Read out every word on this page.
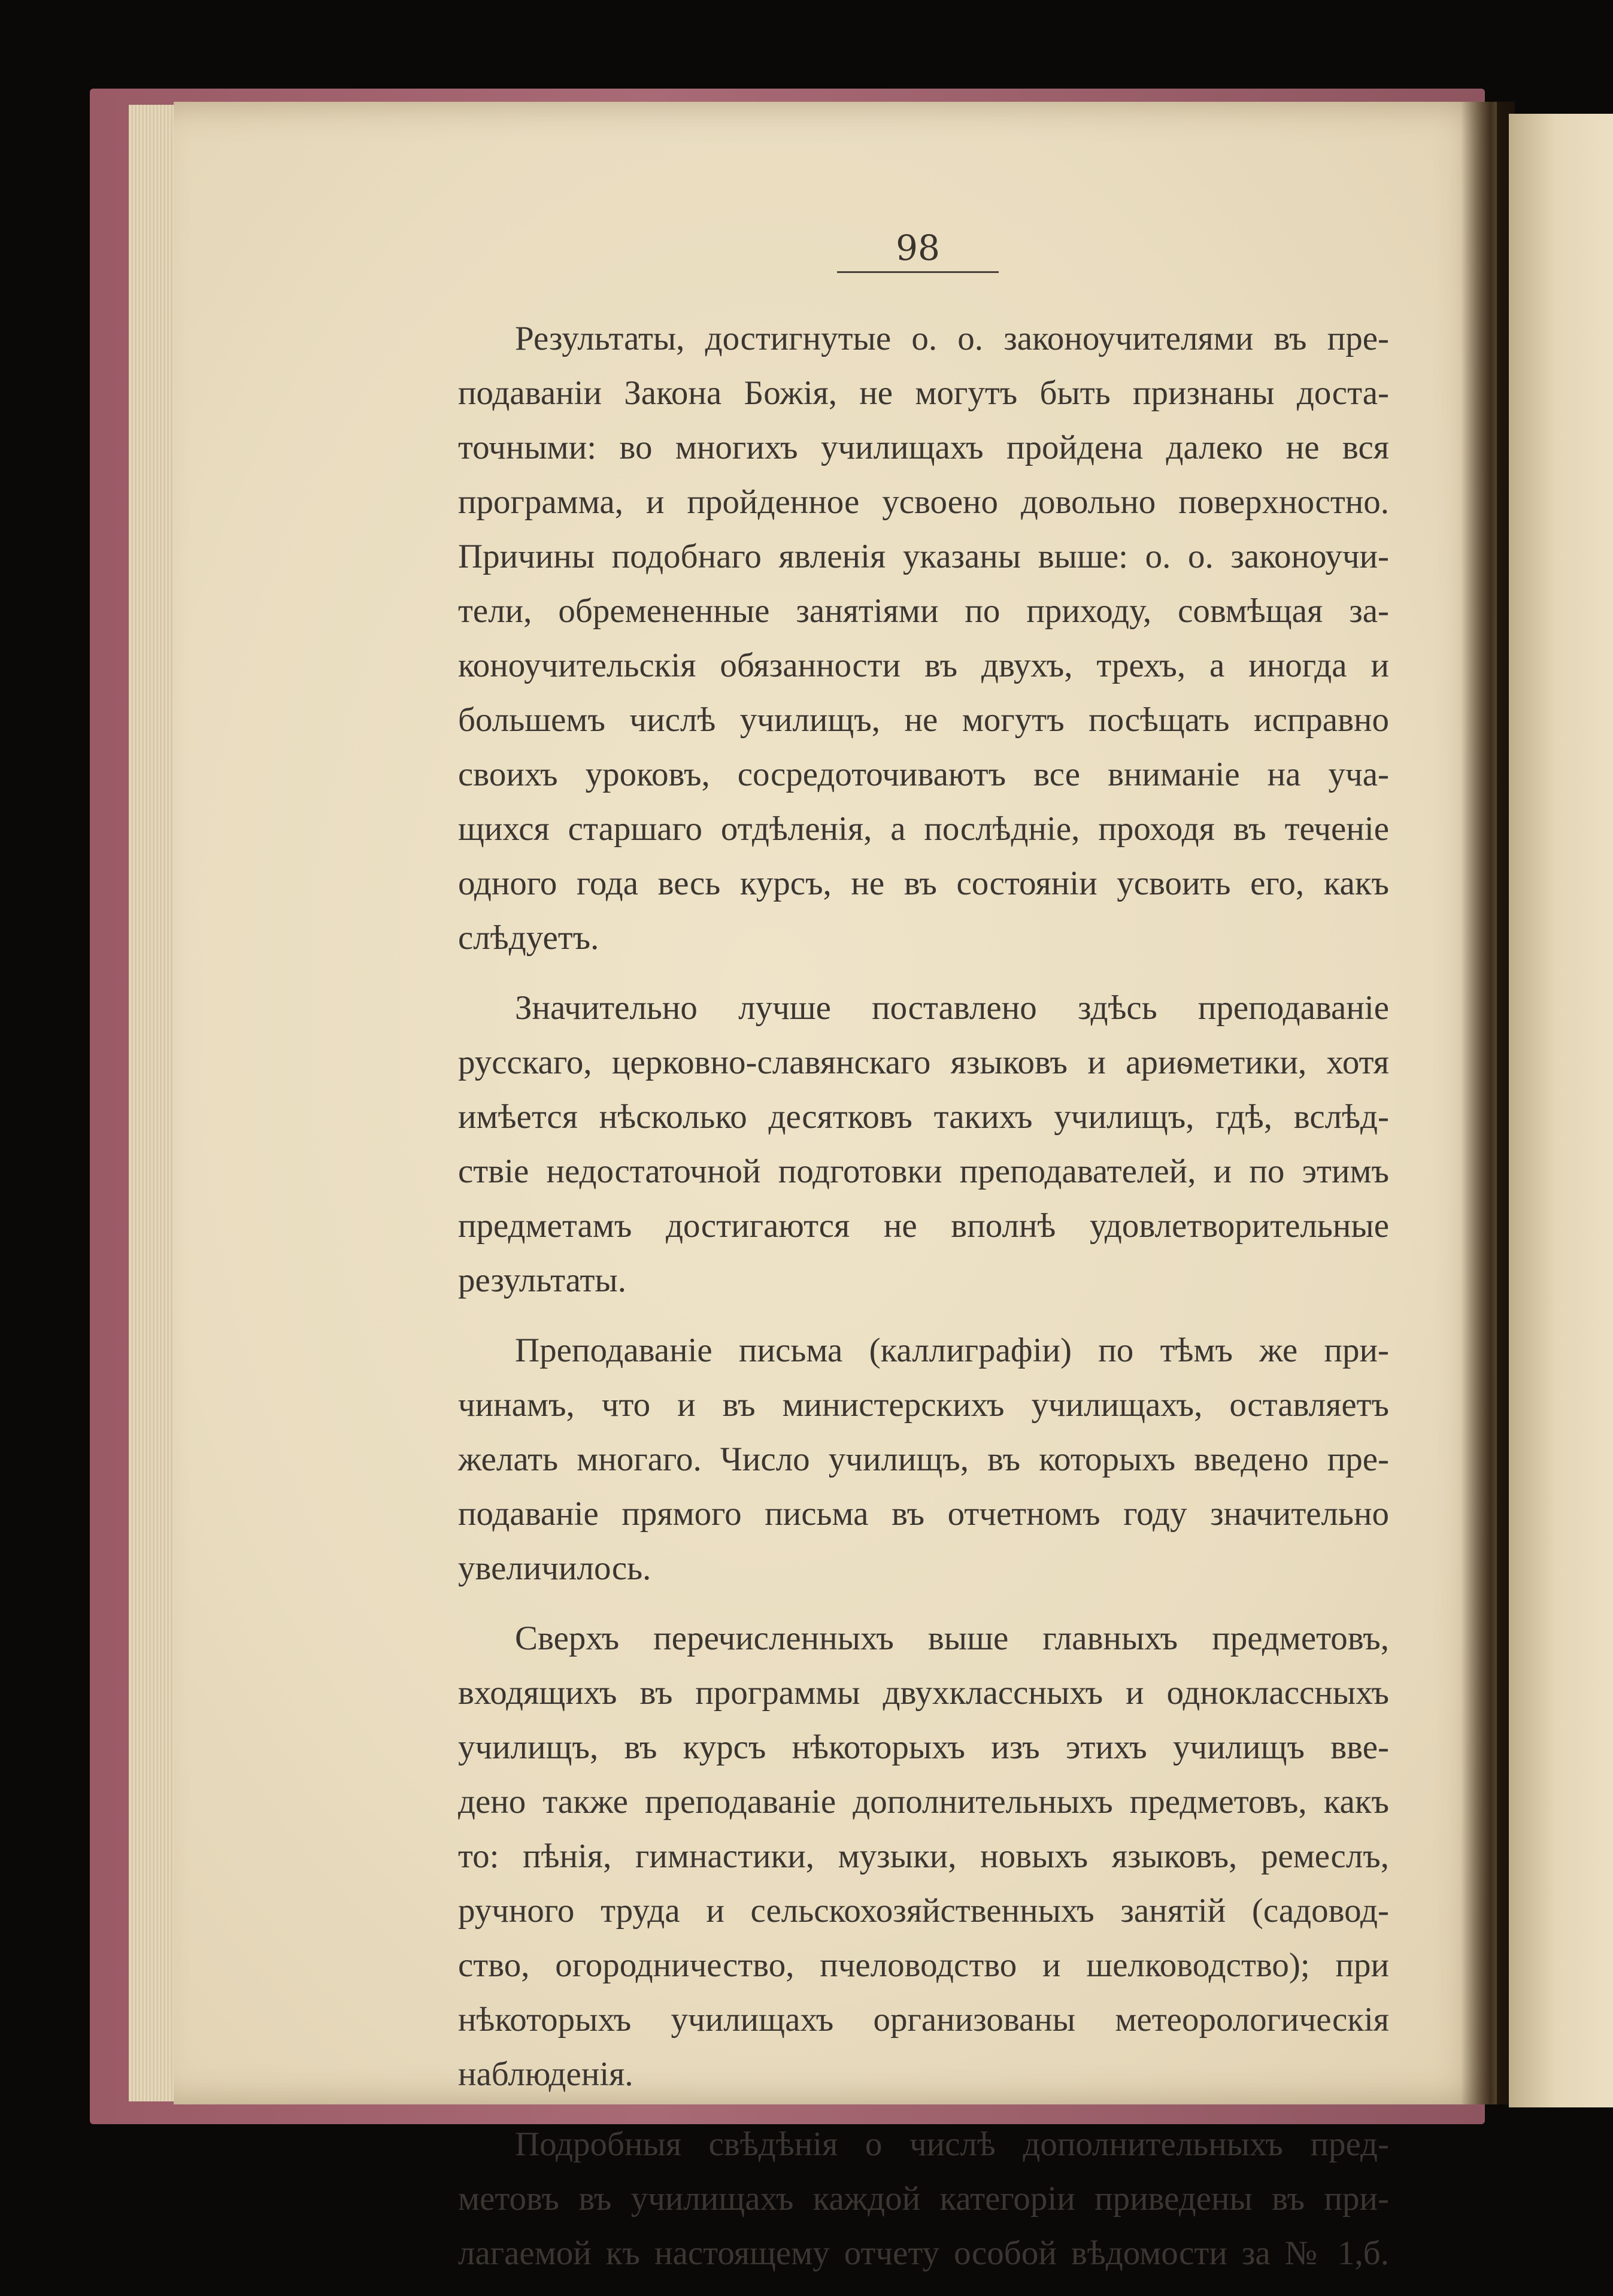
98
Результаты, достигнутые о. о. законоучителями въ пре-
подаванiи Закона Божiя, не могутъ быть признаны доста-
точными: во многихъ училищахъ пройдена далеко не вся
программа, и пройденное усвоено довольно поверхностно.
Причины подобнаго явленiя указаны выше: о. о. законоучи-
тели, обремененные занятiями по приходу, совмѣщая за-
коноучительскiя обязанности въ двухъ, трехъ, а иногда и
большемъ числѣ училищъ, не могутъ посѣщать исправно
своихъ уроковъ, сосредоточиваютъ все вниманiе на уча-
щихся старшаго отдѣленiя, а послѣднiе, проходя въ теченiе
одного года весь курсъ, не въ состоянiи усвоить его, какъ
слѣдуетъ.
Значительно лучше поставлено здѣсь преподаванiе
русскаго, церковно-славянскаго языковъ и ариѳметики, хотя
имѣется нѣсколько десятковъ такихъ училищъ, гдѣ, вслѣд-
ствiе недостаточной подготовки преподавателей, и по этимъ
предметамъ достигаются не вполнѣ удовлетворительные
результаты.
Преподаванiе письма (каллиграфiи) по тѣмъ же при-
чинамъ, что и въ министерскихъ училищахъ, оставляетъ
желать многаго. Число училищъ, въ которыхъ введено пре-
подаванiе прямого письма въ отчетномъ году значительно
увеличилось.
Сверхъ перечисленныхъ выше главныхъ предметовъ,
входящихъ въ программы двухклассныхъ и одноклассныхъ
училищъ, въ курсъ нѣкоторыхъ изъ этихъ училищъ вве-
дено также преподаванiе дополнительныхъ предметовъ, какъ
то: пѣнiя, гимнастики, музыки, новыхъ языковъ, ремеслъ,
ручного труда и сельскохозяйственныхъ занятiй (садовод-
ство, огородничество, пчеловодство и шелководство); при
нѣкоторыхъ училищахъ организованы метеорологическiя
наблюденiя.
Подробныя свѣдѣнiя о числѣ дополнительныхъ пред-
метовъ въ училищахъ каждой категорiи приведены въ при-
лагаемой къ настоящему отчету особой вѣдомости за № 1,б.
